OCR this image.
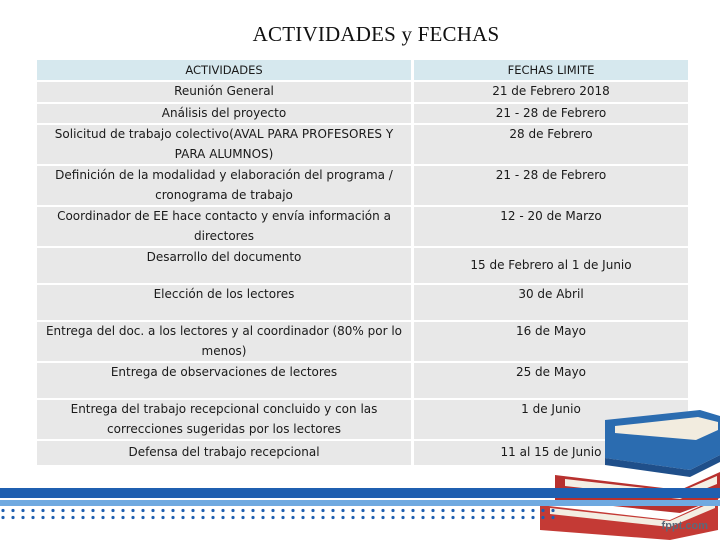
ACTIVIDADES y FECHAS
ACTIVIDADES	FECHAS LIMITE
Reunión General	21 de Febrero 2018
Análisis del proyecto	21 - 28 de Febrero
Solicitud de trabajo colectivo(AVAL PARA PROFESORES Y PARA ALUMNOS)	28 de Febrero
Definición de la modalidad y elaboración del programa / cronograma de trabajo	21 - 28 de Febrero
Coordinador de EE hace contacto y envía información a directores	12 - 20 de Marzo
Desarrollo del documento	15 de Febrero al 1 de Junio
Elección de los lectores	30 de Abril
Entrega del doc. a los lectores y al coordinador (80% por lo menos)	16 de Mayo
Entrega de observaciones de lectores	25 de Mayo
Entrega del trabajo recepcional concluido y con las correcciones sugeridas por los lectores	1 de Junio
Defensa del trabajo recepcional	11 al 15 de Junio
fppt.com
